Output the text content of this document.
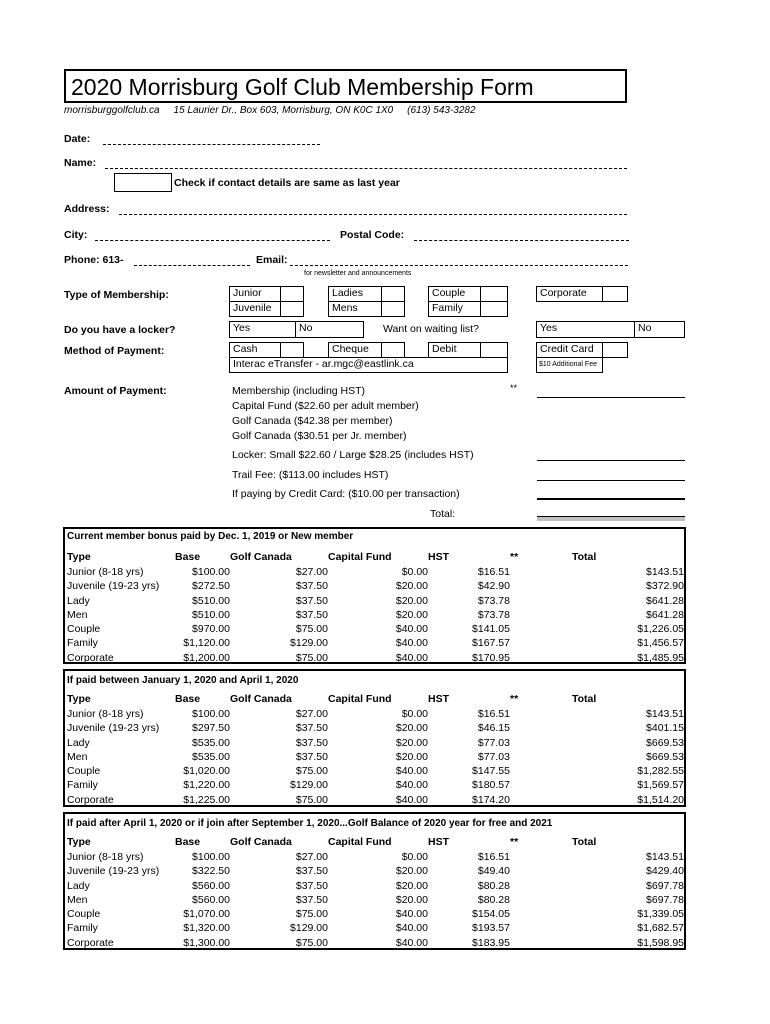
2020 Morrisburg Golf Club Membership Form
morrisburggolfclub.ca 15 Laurier Dr., Box 603, Morrisburg, ON K0C 1X0 (613) 543-3282
Date:
Name:
Check if contact details are same as last year
Address:
City:	Postal Code:
Phone: 613-	Email:
for newsletter and announcements
Type of Membership:	Junior
Juvenile
Ladies
Mens
Couple
Family
Corporate
Do you have a locker?	Yes	No	Want on waiting list?	Yes	No
Method of Payment:	Cash	Cheque	Debit	Credit Card
Interac eTransfer - ar.mgc@eastlink.ca	$10 Additional Fee
Amount of Payment:	Membership (including HST)	**
Capital Fund ($22.60 per adult member)
Golf Canada ($42.38 per member)
Golf Canada ($30.51 per Jr. member)
Locker: Small $22.60 / Large $28.25 (includes HST)
Trail Fee: ($113.00 includes HST)
If paying by Credit Card: ($10.00 per transaction)
Total:
Current member bonus paid by Dec. 1, 2019 or New member
Type	Base	Golf Canada	Capital Fund	HST	**	Total
Junior (8-18 yrs)	$100.00	$27.00	$0.00	$16.51		$143.51
Juvenile (19-23 yrs)	$272.50	$37.50	$20.00	$42.90		$372.90
Lady	$510.00	$37.50	$20.00	$73.78		$641.28
Men	$510.00	$37.50	$20.00	$73.78		$641.28
Couple	$970.00	$75.00	$40.00	$141.05		$1,226.05
Family	$1,120.00	$129.00	$40.00	$167.57		$1,456.57
Corporate	$1,200.00	$75.00	$40.00	$170.95		$1,485.95
If paid between January 1, 2020 and April 1, 2020
Type	Base	Golf Canada	Capital Fund	HST	**	Total
Junior (8-18 yrs)	$100.00	$27.00	$0.00	$16.51		$143.51
Juvenile (19-23 yrs)	$297.50	$37.50	$20.00	$46.15		$401.15
Lady	$535.00	$37.50	$20.00	$77.03		$669.53
Men	$535.00	$37.50	$20.00	$77.03		$669.53
Couple	$1,020.00	$75.00	$40.00	$147.55		$1,282.55
Family	$1,220.00	$129.00	$40.00	$180.57		$1,569.57
Corporate	$1,225.00	$75.00	$40.00	$174.20		$1,514.20
If paid after April 1, 2020 or if join after September 1, 2020...Golf Balance of 2020 year for free and 2021
Type	Base	Golf Canada	Capital Fund	HST	**	Total
Junior (8-18 yrs)	$100.00	$27.00	$0.00	$16.51		$143.51
Juvenile (19-23 yrs)	$322.50	$37.50	$20.00	$49.40		$429.40
Lady	$560.00	$37.50	$20.00	$80.28		$697.78
Men	$560.00	$37.50	$20.00	$80.28		$697.78
Couple	$1,070.00	$75.00	$40.00	$154.05		$1,339.05
Family	$1,320.00	$129.00	$40.00	$193.57		$1,682.57
Corporate	$1,300.00	$75.00	$40.00	$183.95		$1,598.95
